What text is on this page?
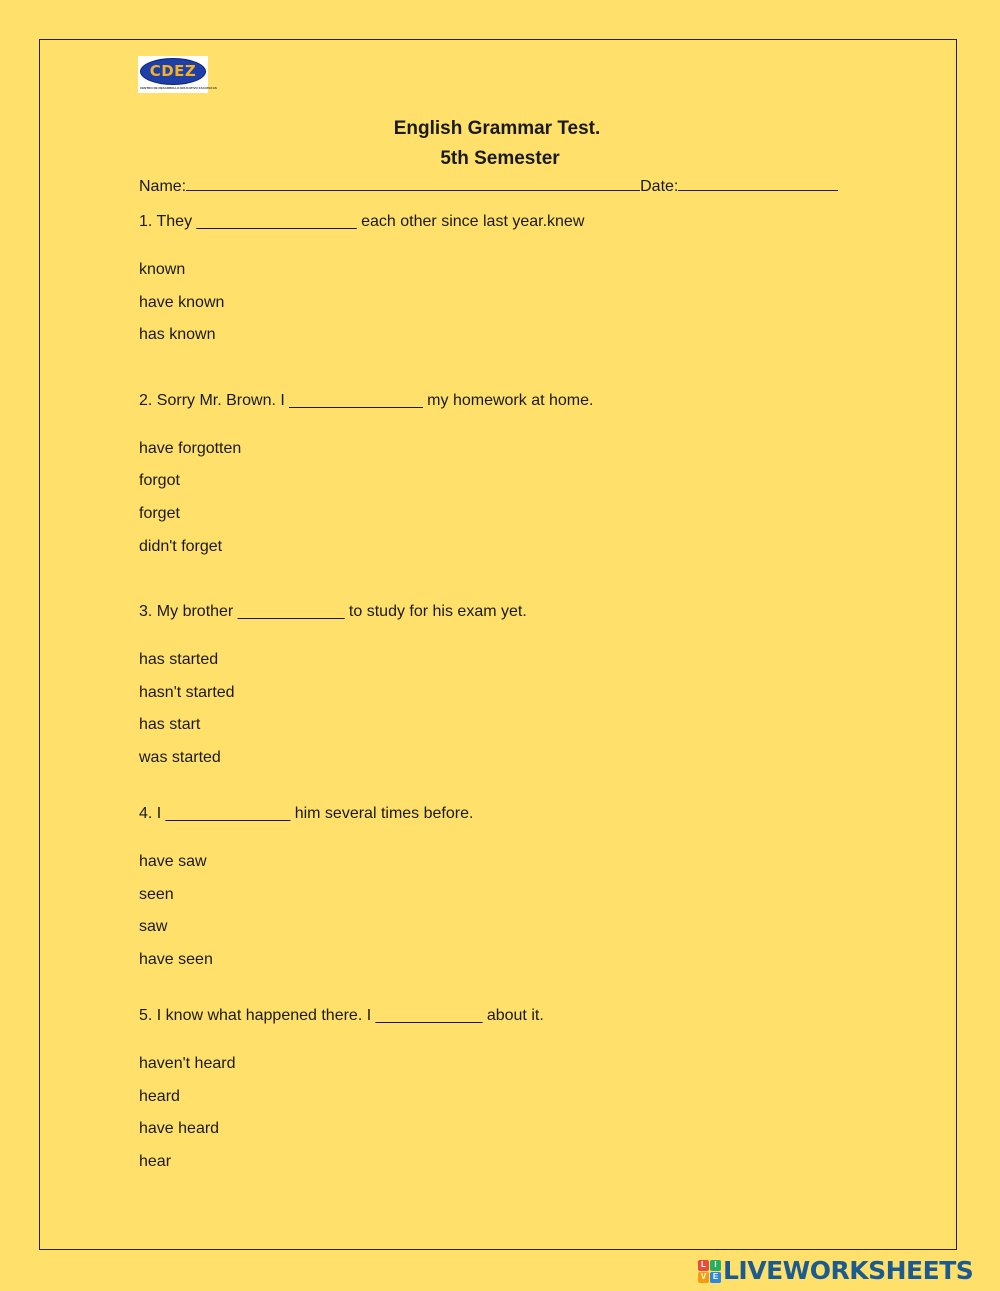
CDEZ
CENTRO DE DESARROLLO EDUCATIVO ZACATECAS
English Grammar Test.
5th Semester
Name:	Date:
1. They __________________ each other since last year.knew
known
have known
has known
2. Sorry Mr. Brown. I _______________ my homework at home.
have forgotten
forgot
forget
didn't forget
3. My brother ____________ to study for his exam yet.
has started
hasn't started
has start
was started
4. I ______________ him several times before.
have saw
seen
saw
have seen
5. I know what happened there. I ____________ about it.
haven't heard
heard
have heard
hear
L	I
V E LIVEWORKSHEETS
